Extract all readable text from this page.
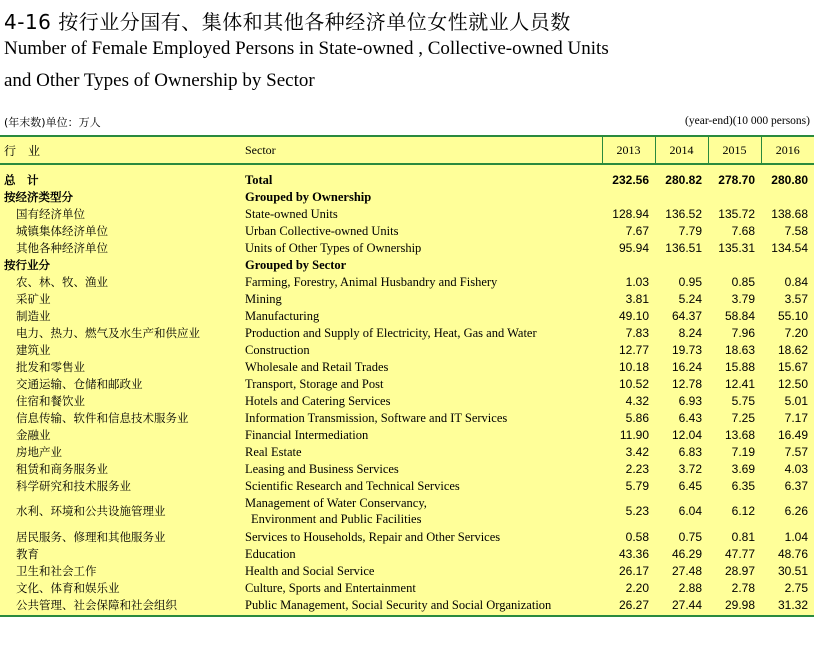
4-16 按行业分国有、集体和其他各种经济单位女性就业人员数
Number of Female Employed Persons in State-owned , Collective-owned Units
and Other Types of Ownership by Sector
(年末数)单位：万人	(year-end)(10 000 persons)
行　业	Sector	2013	2014	2015	2016
总　计	Total	232.56	280.82	278.70	280.80
按经济类型分	Grouped by Ownership				
国有经济单位	State-owned Units	128.94	136.52	135.72	138.68
城镇集体经济单位	Urban Collective-owned Units	7.67	7.79	7.68	7.58
其他各种经济单位	Units of Other Types of Ownership	95.94	136.51	135.31	134.54
按行业分	Grouped by Sector				
农、林、牧、渔业	Farming, Forestry, Animal Husbandry and Fishery	1.03	0.95	0.85	0.84
采矿业	Mining	3.81	5.24	3.79	3.57
制造业	Manufacturing	49.10	64.37	58.84	55.10
电力、热力、燃气及水生产和供应业	Production and Supply of Electricity, Heat, Gas and Water	7.83	8.24	7.96	7.20
建筑业	Construction	12.77	19.73	18.63	18.62
批发和零售业	Wholesale and Retail Trades	10.18	16.24	15.88	15.67
交通运输、仓储和邮政业	Transport, Storage and Post	10.52	12.78	12.41	12.50
住宿和餐饮业	Hotels and Catering Services	4.32	6.93	5.75	5.01
信息传输、软件和信息技术服务业	Information Transmission, Software and IT Services	5.86	6.43	7.25	7.17
金融业	Financial Intermediation	11.90	12.04	13.68	16.49
房地产业	Real Estate	3.42	6.83	7.19	7.57
租赁和商务服务业	Leasing and Business Services	2.23	3.72	3.69	4.03
科学研究和技术服务业	Scientific Research and Technical Services	5.79	6.45	6.35	6.37
水利、环境和公共设施管理业	Management of Water Conservancy,
Environment and Public Facilities	5.23	6.04	6.12	6.26
居民服务、修理和其他服务业	Services to Households, Repair and Other Services	0.58	0.75	0.81	1.04
教育	Education	43.36	46.29	47.77	48.76
卫生和社会工作	Health and Social Service	26.17	27.48	28.97	30.51
文化、体育和娱乐业	Culture, Sports and Entertainment	2.20	2.88	2.78	2.75
公共管理、社会保障和社会组织	Public Management, Social Security and Social Organization	26.27	27.44	29.98	31.32
